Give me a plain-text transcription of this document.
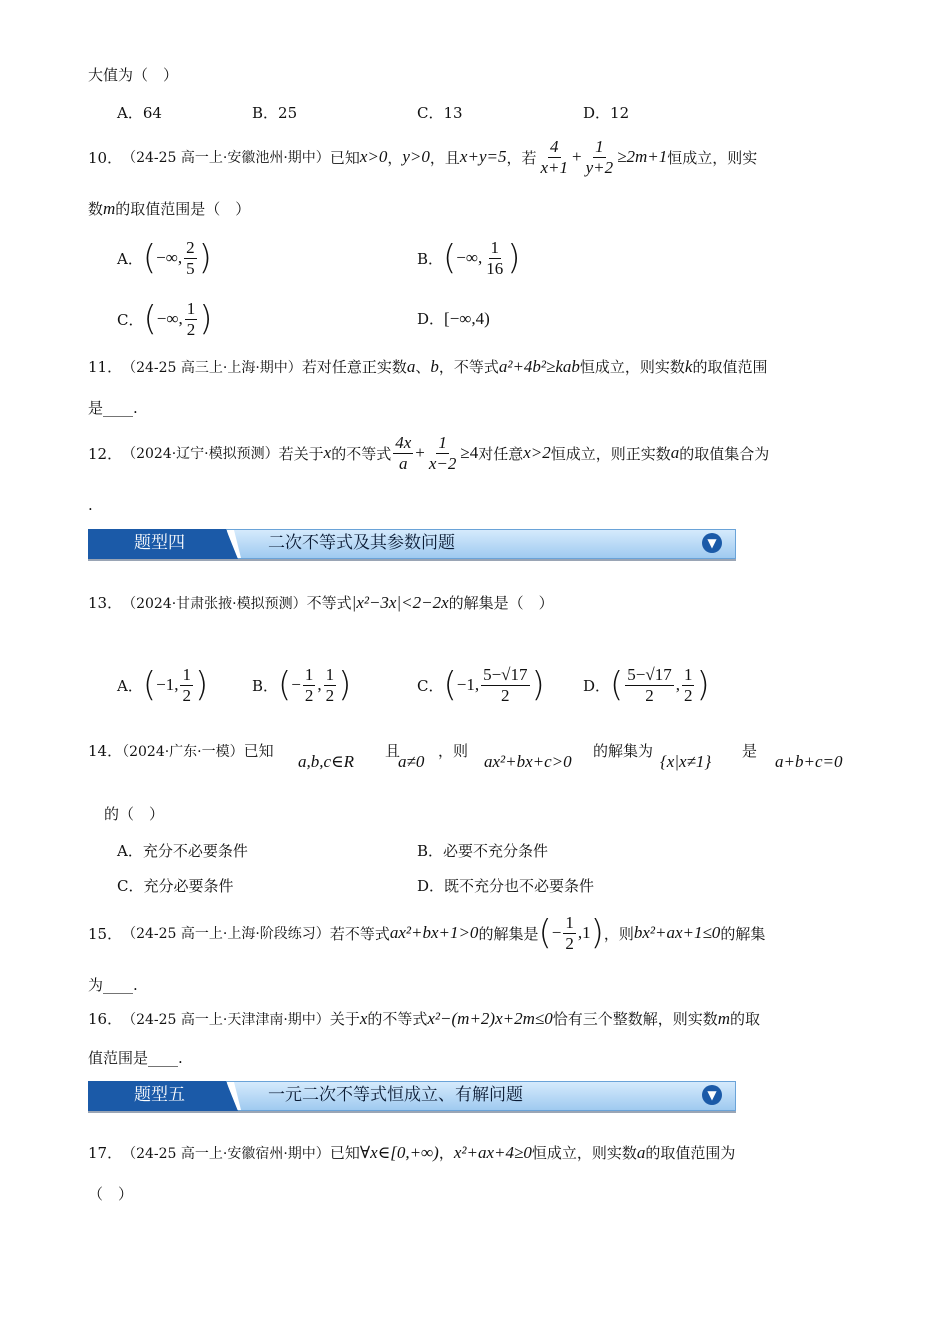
大值为（　）
A．64	B．25	C．13	D．12
10． （24-25 高一上·安徽池州·期中） 已知 x>0 ， y>0 ，且 x+y=5 ，若 $\frac{4}{x+1} + \frac{1}{y+2} \ge 2m+1$ 恒成立，则实
数m的取值范围是（　）
A． ( −∞, $\frac{2}{5}$ )	B． ( −∞, $\frac{1}{16}$ )
C． ( −∞, $\frac{1}{2}$ )	D． [ −∞,4 )
11． （24-25 高三上·上海·期中） 若对任意正实数 a 、 b ，不等式 a²+4b²≥kab 恒成立，则实数 k 的取值范围
是____.
12． （2024·辽宁·模拟预测） 若关于 x 的不等式 $\frac{4x}{a} + \frac{1}{x-2} \ge 4$ 对任意 x>2 恒成立，则正实数 a 的取值集合为
.
题型四	二次不等式及其参数问题	▼
13． （2024·甘肃张掖·模拟预测） 不等式 |x²−3x|<2−2x 的解集是（　）
A． ( −1, $\frac{1}{2}$ )	B． ( − $\frac{1}{2}$ , $\frac{1}{2}$ )	C． ( −1, $\frac{5-√17}{2}$ )	D． ( $\frac{5-√17}{2}$ , $\frac{1}{2}$ )
14．（2024·广东·一模）已知
a,b,c∈R
且
a≠0
，则
ax²+bx+c>0
的解集为
{x|x≠1}
是
a+b+c=0
的（　）
A．充分不必要条件	B．必要不充分条件
C．充分必要条件	D．既不充分也不必要条件
15． （24-25 高一上·上海·阶段练习） 若不等式 ax²+bx+1>0 的解集是 ( − $\frac{1}{2} ,1$ ) ，则 bx²+ax+1≤0 的解集
为____.
16． （24-25 高一上·天津津南·期中） 关于 x 的不等式 x²−(m+2)x+2m≤0 恰有三个整数解，则实数 m 的取
值范围是____.
题型五	一元二次不等式恒成立、有解问题	▼
17． （24-25 高一上·安徽宿州·期中） 已知 ∀x∈[0,+∞) ， x²+ax+4≥0 恒成立，则实数 a 的取值范围为
（　）
